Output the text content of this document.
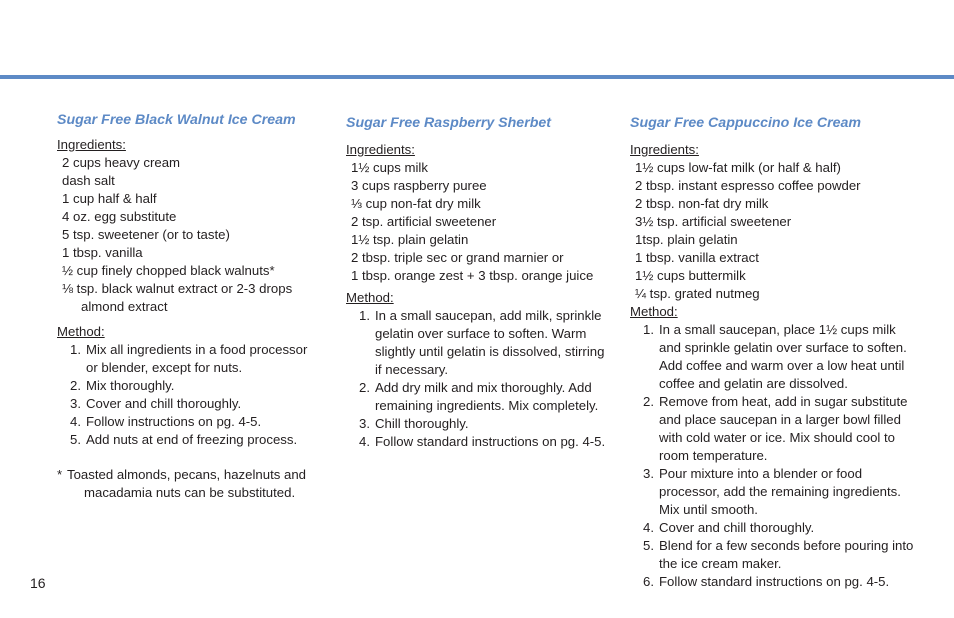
Sugar Free Black Walnut Ice Cream
Ingredients:
2 cups heavy cream
dash salt
1 cup half & half
4 oz. egg substitute
5 tsp. sweetener (or to taste)
1 tbsp. vanilla
½ cup finely chopped black walnuts*
⅛ tsp. black walnut extract or 2-3 drops
almond extract
Method:
1. Mix all ingredients in a food processor or blender, except for nuts.
2. Mix thoroughly.
3. Cover and chill thoroughly.
4. Follow instructions on pg. 4-5.
5. Add nuts at end of freezing process.
* Toasted almonds, pecans, hazelnuts and
macadamia nuts can be substituted.
Sugar Free Raspberry Sherbet
Ingredients:
1½ cups milk
3 cups raspberry puree
⅓ cup non-fat dry milk
2 tsp. artificial sweetener
1½ tsp. plain gelatin
2 tbsp. triple sec or grand marnier or
1 tbsp. orange zest + 3 tbsp. orange juice
Method:
1. In a small saucepan, add milk, sprinkle gelatin over surface to soften. Warm slightly until gelatin is dissolved, stirring if necessary.
2. Add dry milk and mix thoroughly. Add remaining ingredients. Mix completely.
3. Chill thoroughly.
4. Follow standard instructions on pg. 4-5.
Sugar Free Cappuccino Ice Cream
Ingredients:
1½ cups low-fat milk (or half & half)
2 tbsp. instant espresso coffee powder
2 tbsp. non-fat dry milk
3½ tsp. artificial sweetener
1tsp. plain gelatin
1 tbsp. vanilla extract
1½ cups buttermilk
¼ tsp. grated nutmeg
Method:
1. In a small saucepan, place 1½ cups milk and sprinkle gelatin over surface to soften. Add coffee and warm over a low heat until coffee and gelatin are dissolved.
2. Remove from heat, add in sugar substitute and place saucepan in a larger bowl filled with cold water or ice. Mix should cool to room temperature.
3. Pour mixture into a blender or food processor, add the remaining ingredients. Mix until smooth.
4. Cover and chill thoroughly.
5. Blend for a few seconds before pouring into the ice cream maker.
6. Follow standard instructions on pg. 4-5.
16
